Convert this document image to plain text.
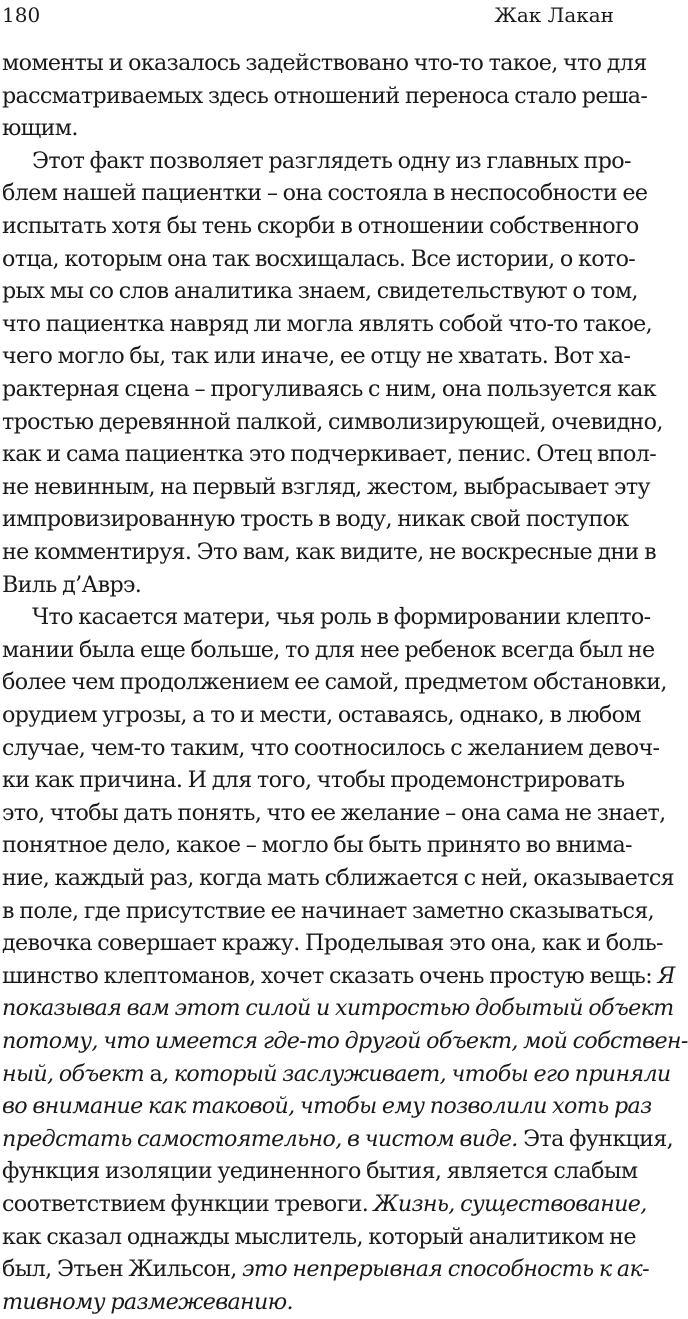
180	Жак Лакан
моменты и оказалось задействовано что-то такое, что для
рассматриваемых здесь отношений переноса стало реша-
ющим.
Этот факт позволяет разглядеть одну из главных про-
блем нашей пациентки – она состояла в неспособности ее
испытать хотя бы тень скорби в отношении собственного
отца, которым она так восхищалась. Все истории, о кото-
рых мы со слов аналитика знаем, свидетельствуют о том,
что пациентка навряд ли могла являть собой что-то такое,
чего могло бы, так или иначе, ее отцу не хватать. Вот ха-
рактерная сцена – прогуливаясь с ним, она пользуется как
тростью деревянной палкой, символизирующей, очевидно,
как и сама пациентка это подчеркивает, пенис. Отец впол-
не невинным, на первый взгляд, жестом, выбрасывает эту
импровизированную трость в воду, никак свой поступок
не комментируя. Это вам, как видите, не воскресные дни в
Виль д’Аврэ.
Что касается матери, чья роль в формировании клепто-
мании была еще больше, то для нее ребенок всегда был не
более чем продолжением ее самой, предметом обстановки,
орудием угрозы, а то и мести, оставаясь, однако, в любом
случае, чем-то таким, что соотносилось с желанием девоч-
ки как причина. И для того, чтобы продемонстрировать
это, чтобы дать понять, что ее желание – она сама не знает,
понятное дело, какое – могло бы быть принято во внима-
ние, каждый раз, когда мать сближается с ней, оказывается
в поле, где присутствие ее начинает заметно сказываться,
девочка совершает кражу. Проделывая это она, как и боль-
шинство клептоманов, хочет сказать очень простую вещь: Я
показывая вам этот силой и хитростью добытый объект
потому, что имеется где-то другой объект, мой собствен-
ный, объект а, который заслуживает, чтобы его приняли
во внимание как таковой, чтобы ему позволили хоть раз
предстать самостоятельно, в чистом виде. Эта функция,
функция изоляции уединенного бытия, является слабым
соответствием функции тревоги. Жизнь, существование,
как сказал однажды мыслитель, который аналитиком не
был, Этьен Жильсон, это непрерывная способность к ак-
тивному размежеванию.
